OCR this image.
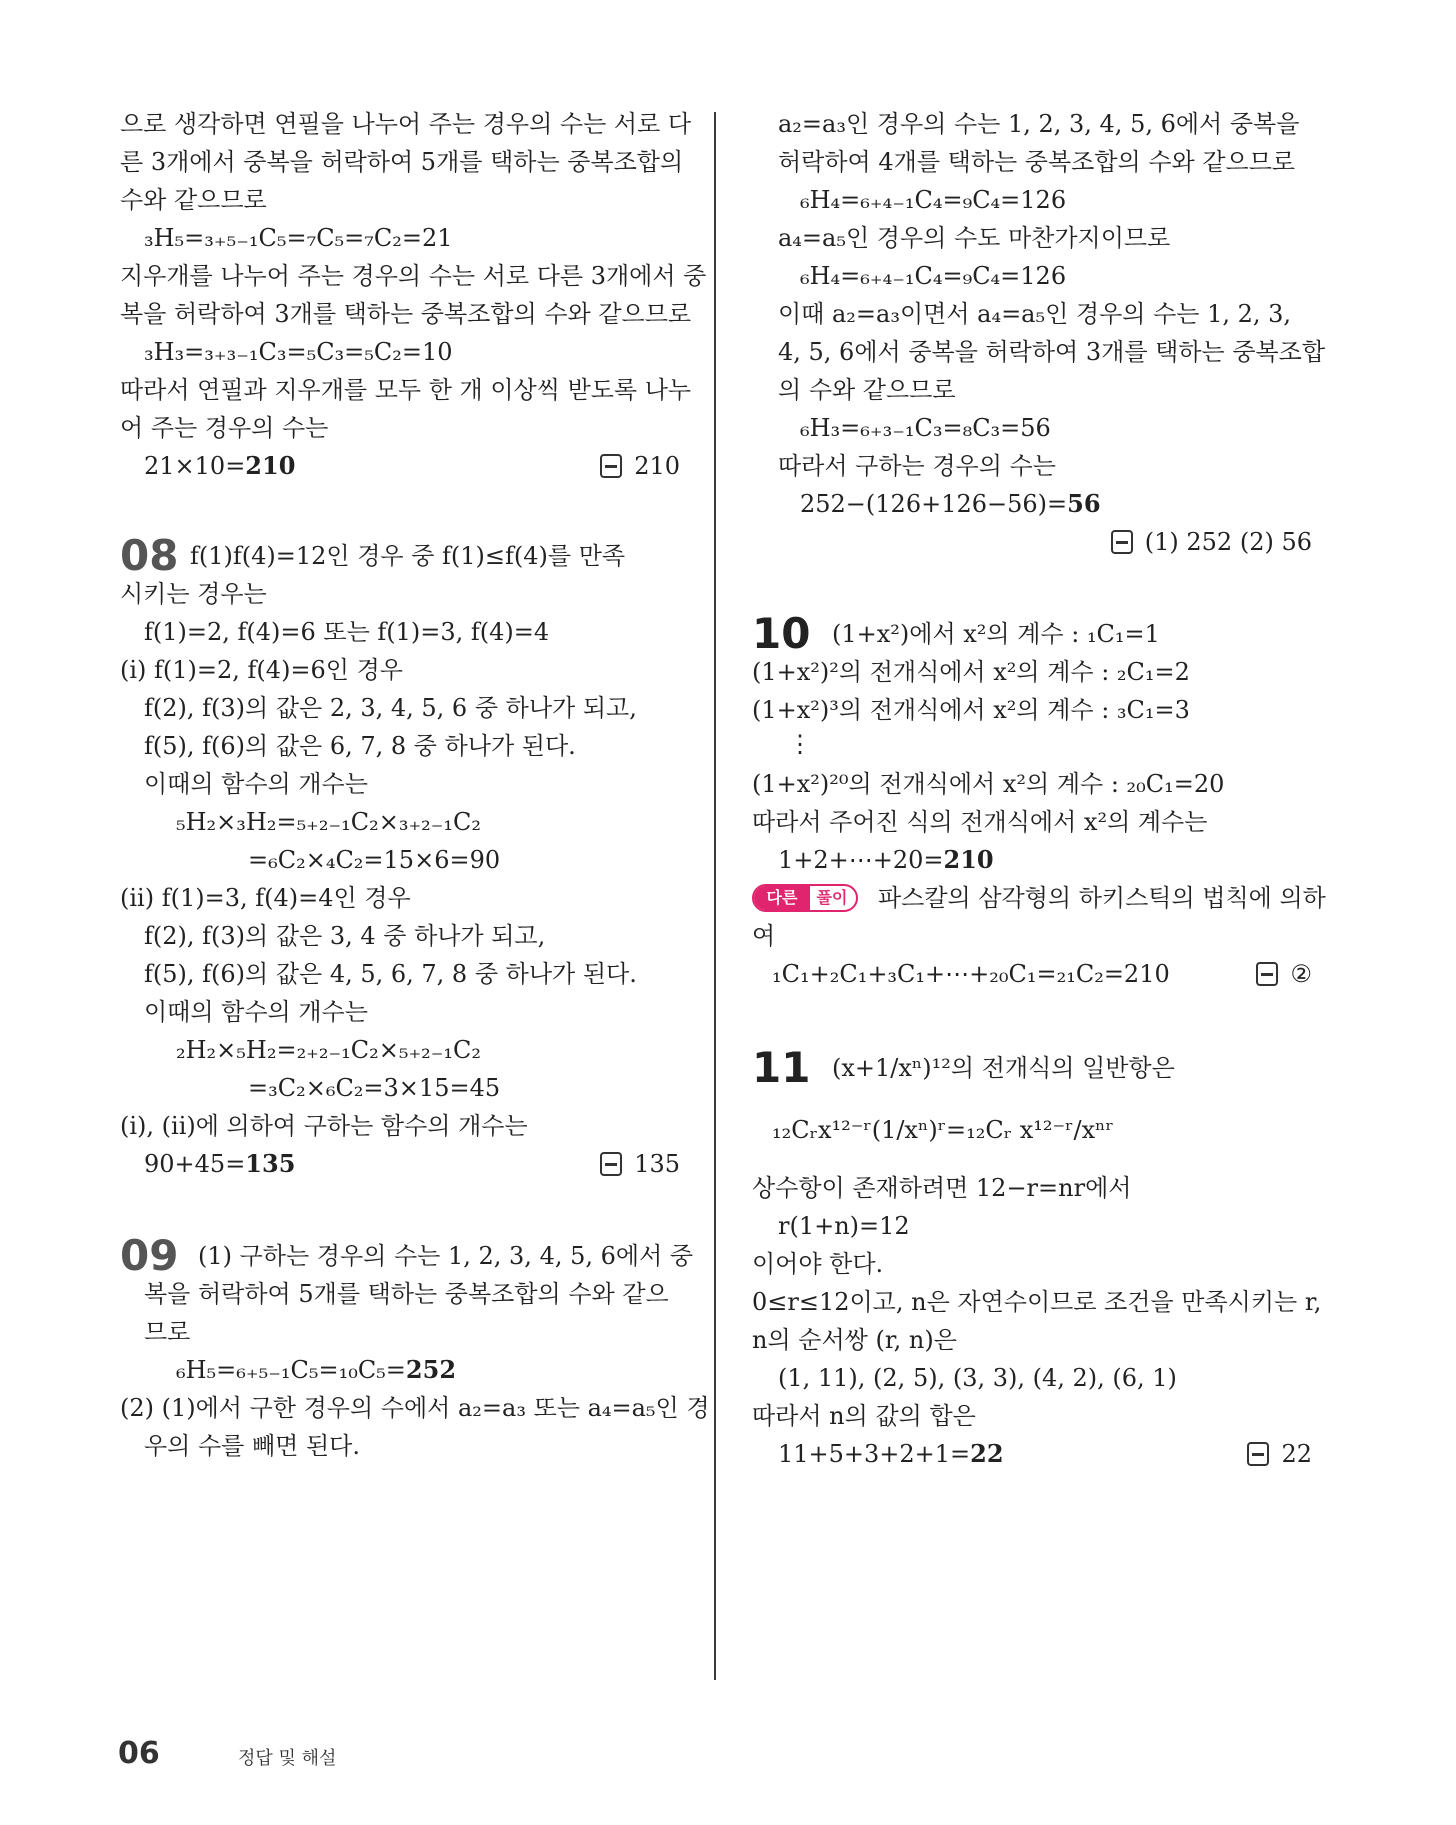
으로 생각하면 연필을 나누어 주는 경우의 수는 서로 다
른 3개에서 중복을 허락하여 5개를 택하는 중복조합의
수와 같으므로
₃H₅=₃₊₅₋₁C₅=₇C₅=₇C₂=21
지우개를 나누어 주는 경우의 수는 서로 다른 3개에서 중
복을 허락하여 3개를 택하는 중복조합의 수와 같으므로
₃H₃=₃₊₃₋₁C₃=₅C₃=₅C₂=10
따라서 연필과 지우개를 모두 한 개 이상씩 받도록 나누
어 주는 경우의 수는
21×10=210	210
08 f(1)f(4)=12인 경우 중 f(1)≤f(4)를 만족
시키는 경우는
f(1)=2, f(4)=6 또는 f(1)=3, f(4)=4
(i) f(1)=2, f(4)=6인 경우
f(2), f(3)의 값은 2, 3, 4, 5, 6 중 하나가 되고,
f(5), f(6)의 값은 6, 7, 8 중 하나가 된다.
이때의 함수의 개수는
₅H₂×₃H₂=₅₊₂₋₁C₂×₃₊₂₋₁C₂
=₆C₂×₄C₂=15×6=90
(ii) f(1)=3, f(4)=4인 경우
f(2), f(3)의 값은 3, 4 중 하나가 되고,
f(5), f(6)의 값은 4, 5, 6, 7, 8 중 하나가 된다.
이때의 함수의 개수는
₂H₂×₅H₂=₂₊₂₋₁C₂×₅₊₂₋₁C₂
=₃C₂×₆C₂=3×15=45
(i), (ii)에 의하여 구하는 함수의 개수는
90+45=135	135
09 (1) 구하는 경우의 수는 1, 2, 3, 4, 5, 6에서 중
복을 허락하여 5개를 택하는 중복조합의 수와 같으
므로
₆H₅=₆₊₅₋₁C₅=₁₀C₅=252
(2) (1)에서 구한 경우의 수에서 a₂=a₃ 또는 a₄=a₅인 경
우의 수를 빼면 된다.
a₂=a₃인 경우의 수는 1, 2, 3, 4, 5, 6에서 중복을
허락하여 4개를 택하는 중복조합의 수와 같으므로
₆H₄=₆₊₄₋₁C₄=₉C₄=126
a₄=a₅인 경우의 수도 마찬가지이므로
₆H₄=₆₊₄₋₁C₄=₉C₄=126
이때 a₂=a₃이면서 a₄=a₅인 경우의 수는 1, 2, 3,
4, 5, 6에서 중복을 허락하여 3개를 택하는 중복조합
의 수와 같으므로
₆H₃=₆₊₃₋₁C₃=₈C₃=56
따라서 구하는 경우의 수는
252−(126+126−56)=56
(1) 252 (2) 56
10 (1+x²)에서 x²의 계수 : ₁C₁=1
(1+x²)²의 전개식에서 x²의 계수 : ₂C₁=2
(1+x²)³의 전개식에서 x²의 계수 : ₃C₁=3
⋮
(1+x²)²⁰의 전개식에서 x²의 계수 : ₂₀C₁=20
따라서 주어진 식의 전개식에서 x²의 계수는
1+2+⋯+20=210
다른	풀이	파스칼의 삼각형의 하키스틱의 법칙에 의하
여
₁C₁+₂C₁+₃C₁+⋯+₂₀C₁=₂₁C₂=210	②
11 (x+1/xⁿ)¹²의 전개식의 일반항은
₁₂Cᵣx¹²⁻ʳ(1/xⁿ)ʳ=₁₂Cᵣ x¹²⁻ʳ/xⁿʳ
상수항이 존재하려면 12−r=nr에서
r(1+n)=12
이어야 한다.
0≤r≤12이고, n은 자연수이므로 조건을 만족시키는 r,
n의 순서쌍 (r, n)은
(1, 11), (2, 5), (3, 3), (4, 2), (6, 1)
따라서 n의 값의 합은
11+5+3+2+1=22	22
06	정답 및 해설
